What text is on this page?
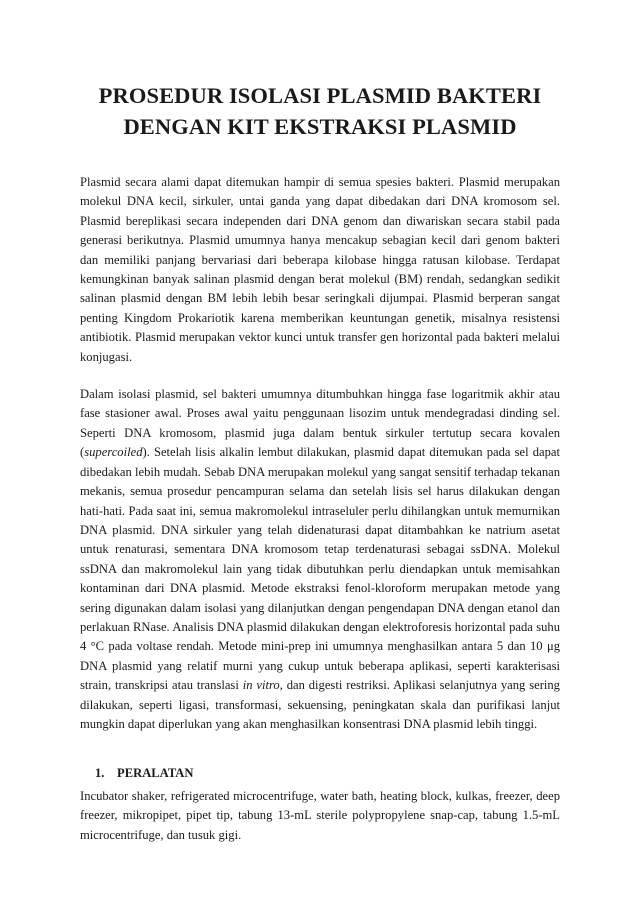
PROSEDUR ISOLASI PLASMID BAKTERI
DENGAN KIT EKSTRAKSI PLASMID

Plasmid secara alami dapat ditemukan hampir di semua spesies bakteri. Plasmid merupakan molekul DNA kecil, sirkuler, untai ganda yang dapat dibedakan dari DNA kromosom sel. Plasmid bereplikasi secara independen dari DNA genom dan diwariskan secara stabil pada generasi berikutnya. Plasmid umumnya hanya mencakup sebagian kecil dari genom bakteri dan memiliki panjang bervariasi dari beberapa kilobase hingga ratusan kilobase. Terdapat kemungkinan banyak salinan plasmid dengan berat molekul (BM) rendah, sedangkan sedikit salinan plasmid dengan BM lebih lebih besar seringkali dijumpai. Plasmid berperan sangat penting Kingdom Prokariotik karena memberikan keuntungan genetik, misalnya resistensi antibiotik. Plasmid merupakan vektor kunci untuk transfer gen horizontal pada bakteri melalui konjugasi.

Dalam isolasi plasmid, sel bakteri umumnya ditumbuhkan hingga fase logaritmik akhir atau fase stasioner awal. Proses awal yaitu penggunaan lisozim untuk mendegradasi dinding sel. Seperti DNA kromosom, plasmid juga dalam bentuk sirkuler tertutup secara kovalen (supercoiled). Setelah lisis alkalin lembut dilakukan, plasmid dapat ditemukan pada sel dapat dibedakan lebih mudah. Sebab DNA merupakan molekul yang sangat sensitif terhadap tekanan mekanis, semua prosedur pencampuran selama dan setelah lisis sel harus dilakukan dengan hati-hati. Pada saat ini, semua makromolekul intraseluler perlu dihilangkan untuk memurnikan DNA plasmid. DNA sirkuler yang telah didenaturasi dapat ditambahkan ke natrium asetat untuk renaturasi, sementara DNA kromosom tetap terdenaturasi sebagai ssDNA. Molekul ssDNA dan makromolekul lain yang tidak dibutuhkan perlu diendapkan untuk memisahkan kontaminan dari DNA plasmid. Metode ekstraksi fenol-kloroform merupakan metode yang sering digunakan dalam isolasi yang dilanjutkan dengan pengendapan DNA dengan etanol dan perlakuan RNase. Analisis DNA plasmid dilakukan dengan elektroforesis horizontal pada suhu 4 °C pada voltase rendah. Metode mini-prep ini umumnya menghasilkan antara 5 dan 10 μg DNA plasmid yang relatif murni yang cukup untuk beberapa aplikasi, seperti karakterisasi strain, transkripsi atau translasi in vitro, dan digesti restriksi. Aplikasi selanjutnya yang sering dilakukan, seperti ligasi, transformasi, sekuensing, peningkatan skala dan purifikasi lanjut mungkin dapat diperlukan yang akan menghasilkan konsentrasi DNA plasmid lebih tinggi.

1. PERALATAN

Incubator shaker, refrigerated microcentrifuge, water bath, heating block, kulkas, freezer, deep freezer, mikropipet, pipet tip, tabung 13-mL sterile polypropylene snap-cap, tabung 1.5-mL microcentrifuge, dan tusuk gigi.
